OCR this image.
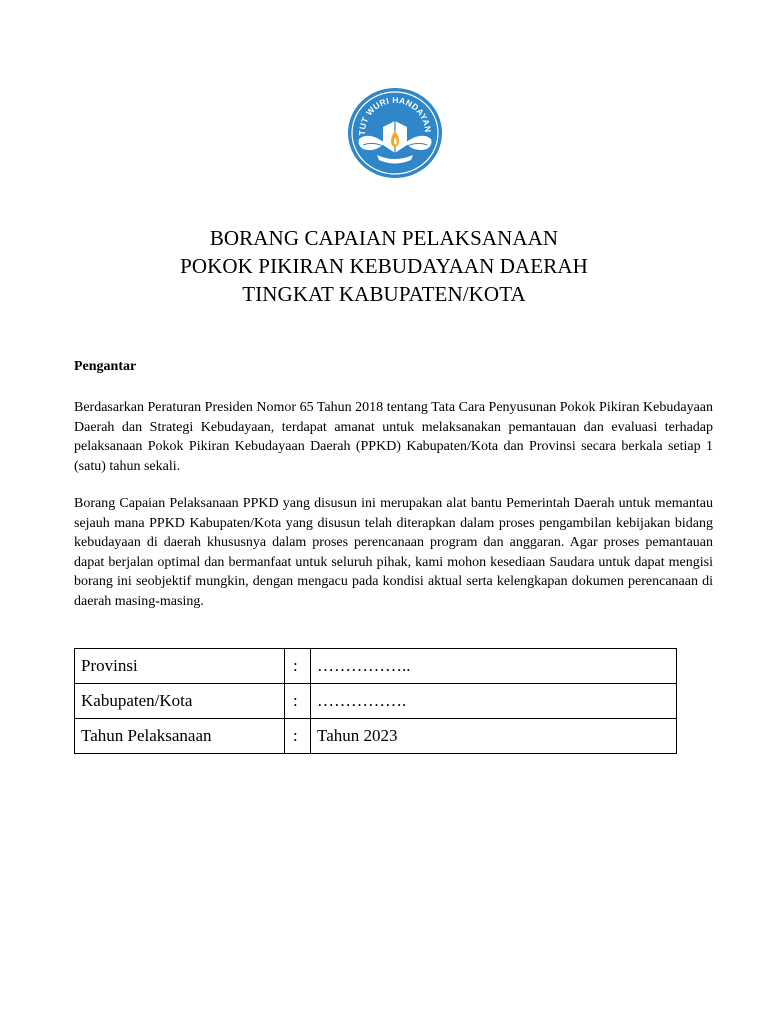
TUT WURI HANDAYAN
BORANG CAPAIAN PELAKSANAAN
POKOK PIKIRAN KEBUDAYAAN DAERAH
TINGKAT KABUPATEN/KOTA
Pengantar

Berdasarkan Peraturan Presiden Nomor 65 Tahun 2018 tentang Tata Cara Penyusunan Pokok Pikiran Kebudayaan Daerah dan Strategi Kebudayaan, terdapat amanat untuk melaksanakan pemantauan dan evaluasi terhadap pelaksanaan Pokok Pikiran Kebudayaan Daerah (PPKD) Kabupaten/Kota dan Provinsi secara berkala setiap 1 (satu) tahun sekali.

Borang Capaian Pelaksanaan PPKD yang disusun ini merupakan alat bantu Pemerintah Daerah untuk memantau sejauh mana PPKD Kabupaten/Kota yang disusun telah diterapkan dalam proses pengambilan kebijakan bidang kebudayaan di daerah khususnya dalam proses perencanaan program dan anggaran. Agar proses pemantauan dapat berjalan optimal dan bermanfaat untuk seluruh pihak, kami mohon kesediaan Saudara untuk dapat mengisi borang ini seobjektif mungkin, dengan mengacu pada kondisi aktual serta kelengkapan dokumen perencanaan di daerah masing-masing.

Provinsi	:	……………..
Kabupaten/Kota	:	…………….
Tahun Pelaksanaan	:	Tahun 2023
